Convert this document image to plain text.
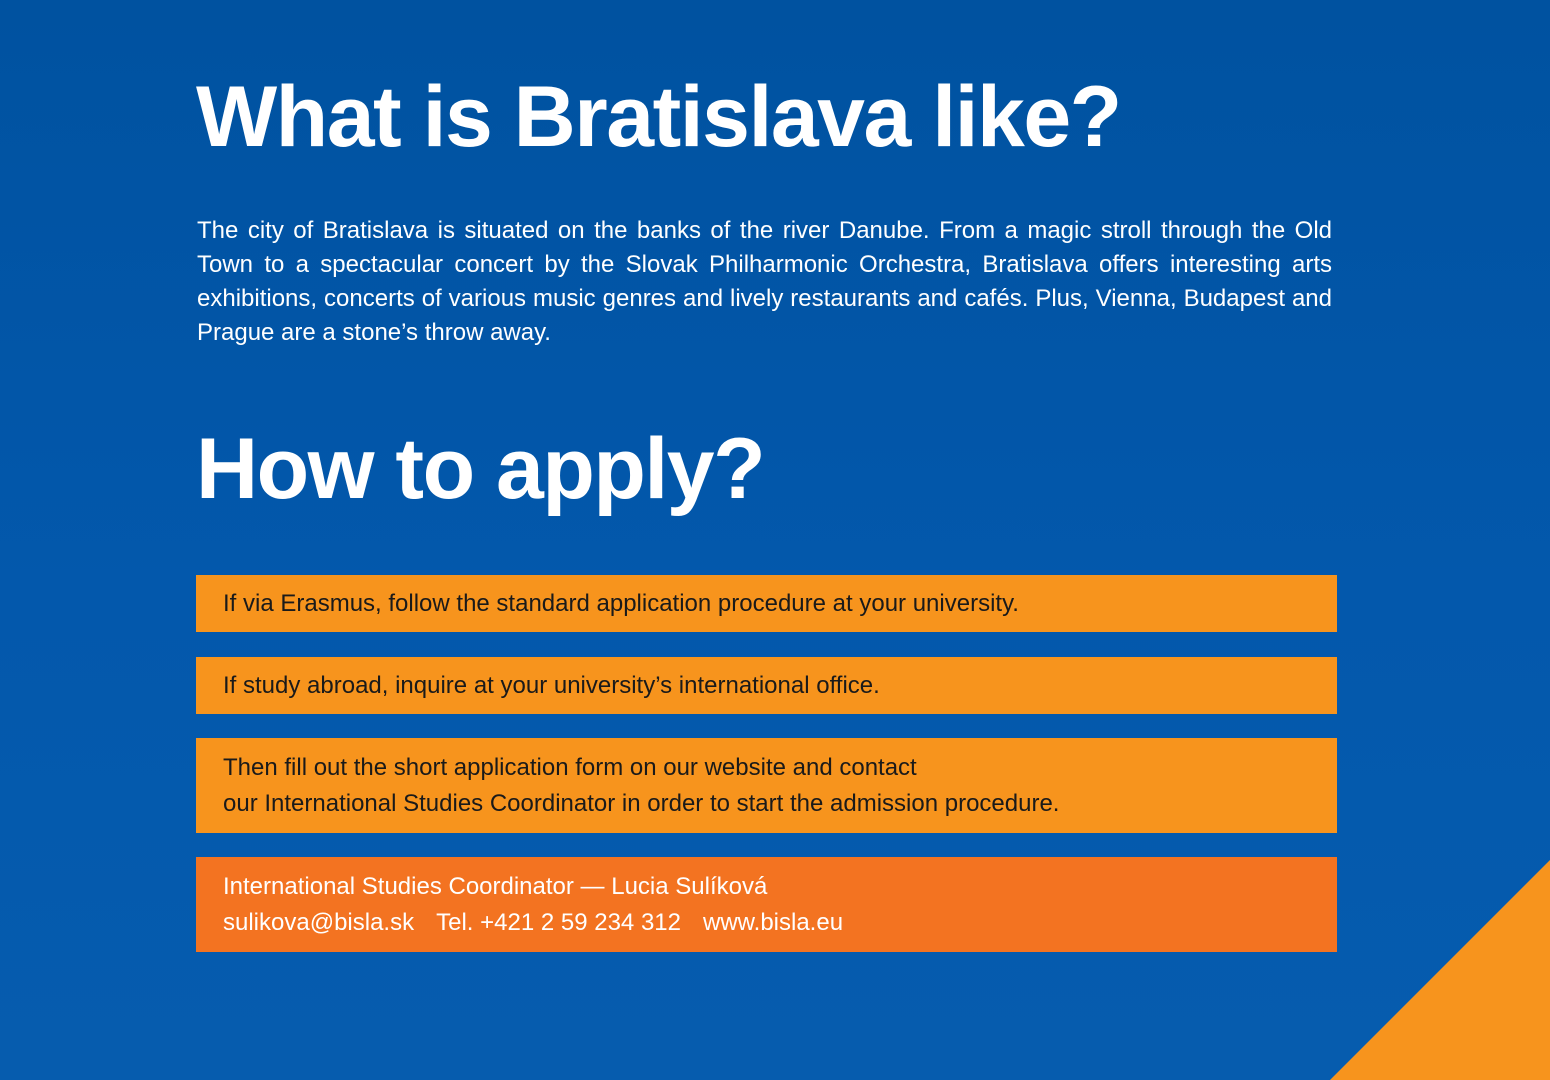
What is Bratislava like?

The city of Bratislava is situated on the banks of the river Danube. From a magic stroll through the Old Town to a spectacular concert by the Slovak Philharmonic Orchestra, Bratislava offers interesting arts exhibitions, concerts of various music genres and lively restaurants and cafés. Plus, Vienna, Budapest and Prague are a stone’s throw away.

How to apply?
If via Erasmus, follow the standard application procedure at your university.
If study abroad, inquire at your university’s international office.
Then fill out the short application form on our website and contact
our International Studies Coordinator in order to start the admission procedure.
International Studies Coordinator — Lucia Sulíková
sulikova@bisla.sk Tel. +421 2 59 234 312 www.bisla.eu
